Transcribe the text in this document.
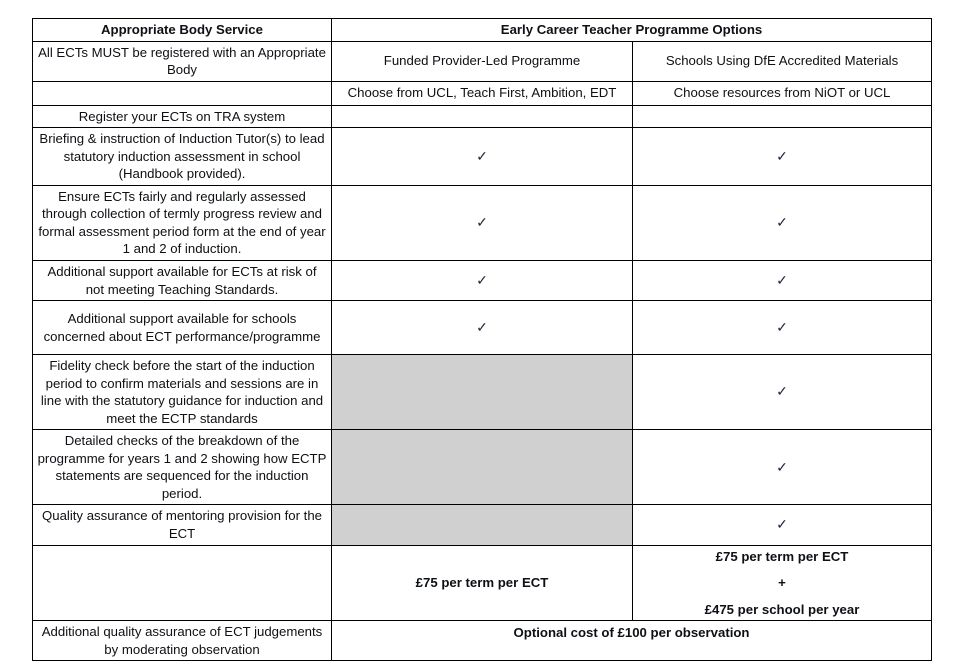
Appropriate Body Service	Early Career Teacher Programme Options	
All ECTs MUST be registered with an Appropriate Body	Funded Provider-Led Programme	Schools Using DfE Accredited Materials
	Choose from UCL, Teach First, Ambition, EDT	Choose resources from NiOT or UCL
Register your ECTs on TRA system		
Briefing & instruction of Induction Tutor(s) to lead statutory induction assessment in school (Handbook provided).	✓	✓
Ensure ECTs fairly and regularly assessed through collection of termly progress review and formal assessment period form at the end of year 1 and 2 of induction.	✓	✓
Additional support available for ECTs at risk of not meeting Teaching Standards.	✓	✓
Additional support available for schools concerned about ECT performance/programme	✓	✓
Fidelity check before the start of the induction period to confirm materials and sessions are in line with the statutory guidance for induction and meet the ECTP standards		✓
Detailed checks of the breakdown of the programme for years 1 and 2 showing how ECTP statements are sequenced for the induction period.		✓
Quality assurance of mentoring provision for the ECT		✓

	£75 per term per ECT	£75 per term per ECT
+
£475 per school per year

Additional quality assurance of ECT judgements by moderating observation	Optional cost of £100 per observation	
